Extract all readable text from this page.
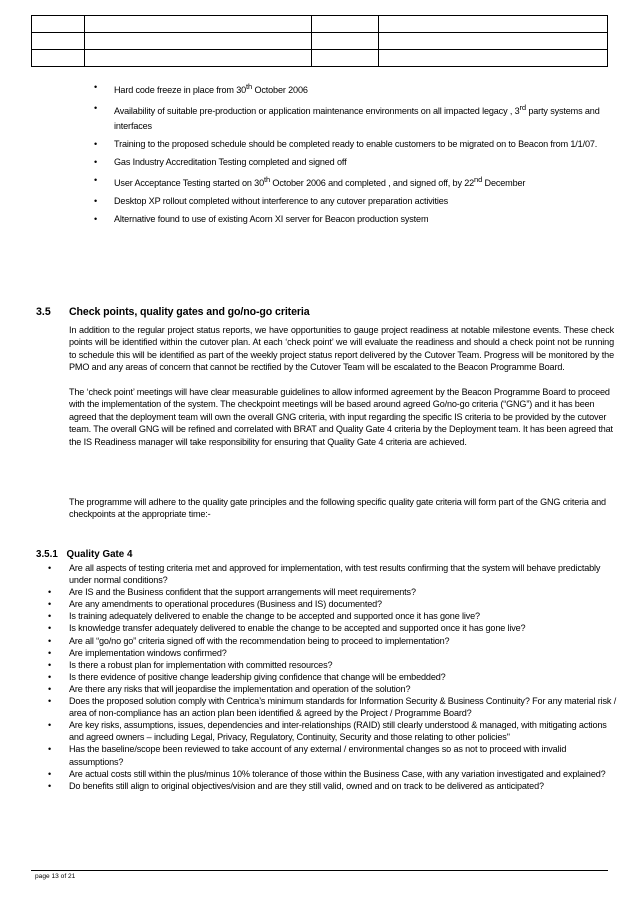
• Hard code freeze in place from 30th October 2006
• Availability of suitable pre-production or application maintenance environments on all impacted legacy , 3rd party systems and interfaces
• Training to the proposed schedule should be completed ready to enable customers to be migrated on to Beacon from 1/1/07.
• Gas Industry Accreditation Testing completed and signed off
• User Acceptance Testing started on 30th October 2006 and completed , and signed off, by 22nd December
• Desktop XP rollout completed without interference to any cutover preparation activities
• Alternative found to use of existing Acorn XI server for Beacon production system
3.5 Check points, quality gates and go/no-go criteria

In addition to the regular project status reports, we have opportunities to gauge project readiness at notable milestone events. These check points will be identified within the cutover plan. At each ‘check point’ we will evaluate the readiness and should a check point not be running to schedule this will be identified as part of the weekly project status report delivered by the Cutover Team. Progress will be monitored by the PMO and any areas of concern that cannot be rectified by the Cutover Team will be escalated to the Beacon Programme Board.

The ‘check point’ meetings will have clear measurable guidelines to allow informed agreement by the Beacon Programme Board to proceed with the implementation of the system. The checkpoint meetings will be based around agreed Go/no-go criteria (“GNG”) and it has been agreed that the deployment team will own the overall GNG criteria, with input regarding the specific IS criteria to be provided by the cutover team. The overall GNG will be refined and correlated with BRAT and Quality Gate 4 criteria by the Deployment team. It has been agreed that the IS Readiness manager will take responsibility for ensuring that Quality Gate 4 criteria are achieved.

The programme will adhere to the quality gate principles and the following specific quality gate criteria will form part of the GNG criteria and checkpoints at the appropriate time:-

3.5.1 Quality Gate 4
• Are all aspects of testing criteria met and approved for implementation, with test results confirming that the system will behave predictably under normal conditions?
• Are IS and the Business confident that the support arrangements will meet requirements?
• Are any amendments to operational procedures (Business and IS) documented?
• Is training adequately delivered to enable the change to be accepted and supported once it has gone live?
• Is knowledge transfer adequately delivered to enable the change to be accepted and supported once it has gone live?
• Are all “go/no go” criteria signed off with the recommendation being to proceed to implementation?
• Are implementation windows confirmed?
• Is there a robust plan for implementation with committed resources?
• Is there evidence of positive change leadership giving confidence that change will be embedded?
• Are there any risks that will jeopardise the implementation and operation of the solution?
• Does the proposed solution comply with Centrica’s minimum standards for Information Security & Business Continuity? For any material risk / area of non-compliance has an action plan been identified & agreed by the Project / Programme Board?
• Are key risks, assumptions, issues, dependencies and inter-relationships (RAID) still clearly understood & managed, with mitigating actions and agreed owners – including Legal, Privacy, Regulatory, Continuity, Security and those relating to other policies"
• Has the baseline/scope been reviewed to take account of any external / environmental changes so as not to proceed with invalid assumptions?
• Are actual costs still within the plus/minus 10% tolerance of those within the Business Case, with any variation investigated and explained?
• Do benefits still align to original objectives/vision and are they still valid, owned and on track to be delivered as anticipated?
page 13 of 21
